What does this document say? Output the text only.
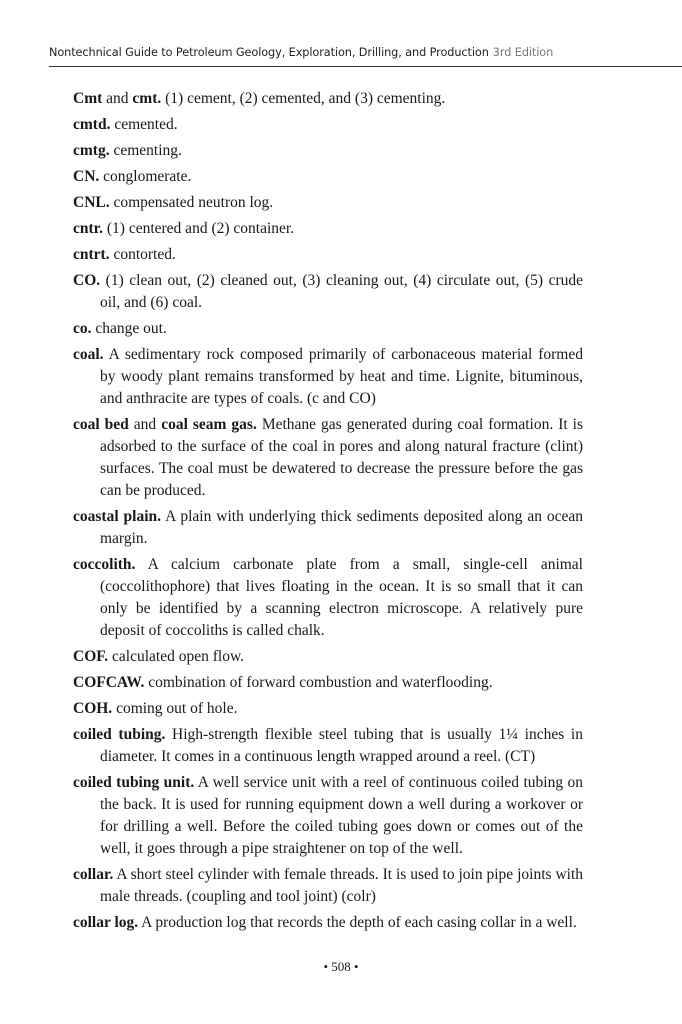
Nontechnical Guide to Petroleum Geology, Exploration, Drilling, and Production 3rd Edition

Cmt and cmt. (1) cement, (2) cemented, and (3) cementing.

cmtd. cemented.

cmtg. cementing.

CN. conglomerate.

CNL. compensated neutron log.

cntr. (1) centered and (2) container.

cntrt. contorted.

CO. (1) clean out, (2) cleaned out, (3) cleaning out, (4) circulate out, (5) crude oil, and (6) coal.

co. change out.

coal. A sedimentary rock composed primarily of carbonaceous material formed by woody plant remains transformed by heat and time. Lignite, bituminous, and anthracite are types of coals. (c and CO)

coal bed and coal seam gas. Methane gas generated during coal formation. It is adsorbed to the surface of the coal in pores and along natural fracture (clint) surfaces. The coal must be dewatered to decrease the pressure before the gas can be produced.

coastal plain. A plain with underlying thick sediments deposited along an ocean margin.

coccolith. A calcium carbonate plate from a small, single-cell animal (coccolithophore) that lives floating in the ocean. It is so small that it can only be identified by a scanning electron microscope. A relatively pure deposit of coccoliths is called chalk.

COF. calculated open flow.

COFCAW. combination of forward combustion and waterflooding.

COH. coming out of hole.

coiled tubing. High-strength flexible steel tubing that is usually 1¼ inches in diameter. It comes in a continuous length wrapped around a reel. (CT)

coiled tubing unit. A well service unit with a reel of continuous coiled tubing on the back. It is used for running equipment down a well during a workover or for drilling a well. Before the coiled tubing goes down or comes out of the well, it goes through a pipe straightener on top of the well.

collar. A short steel cylinder with female threads. It is used to join pipe joints with male threads. (coupling and tool joint) (colr)

collar log. A production log that records the depth of each casing collar in a well.

• 508 •
